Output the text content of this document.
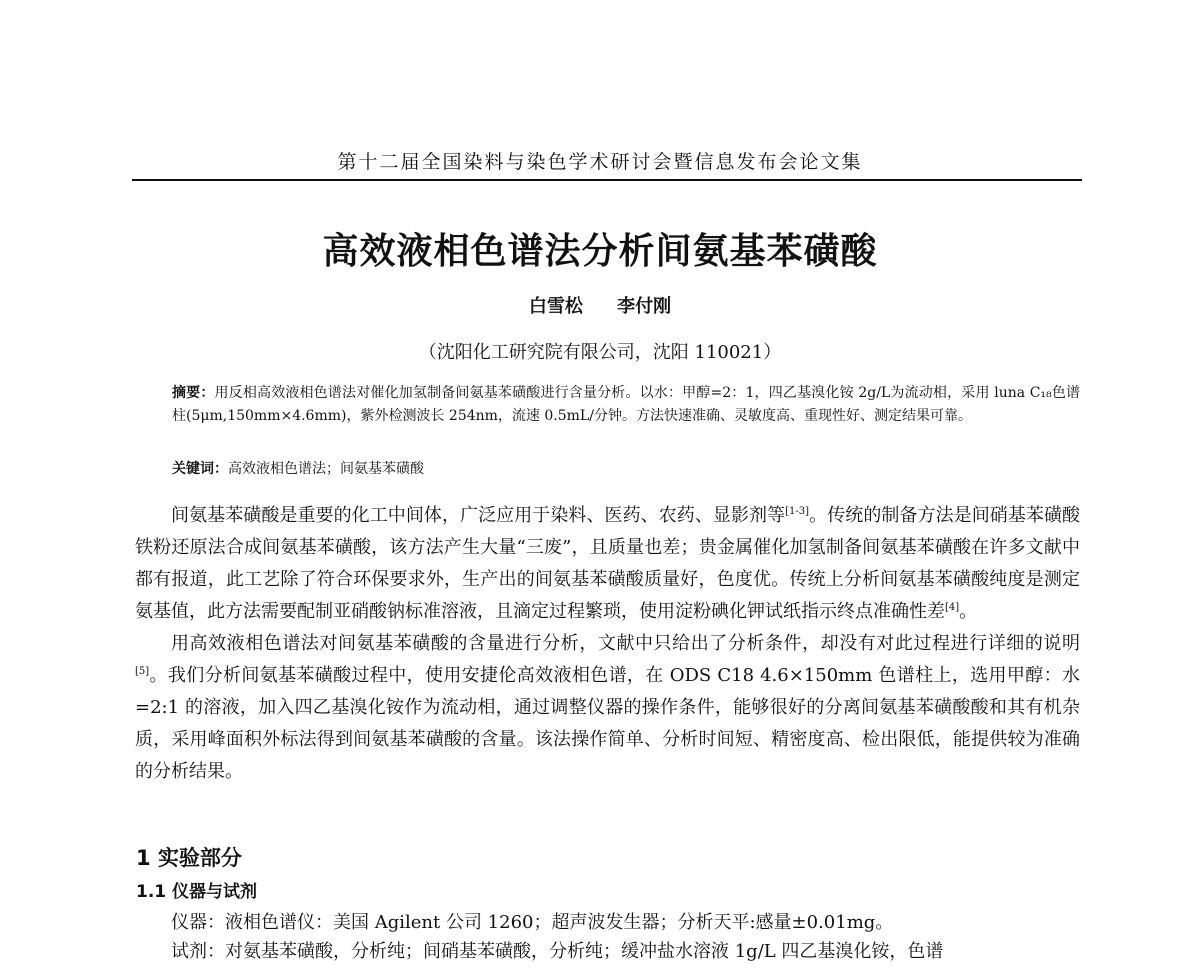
第十二届全国染料与染色学术研讨会暨信息发布会论文集
高效液相色谱法分析间氨基苯磺酸
白雪松 李付刚
（沈阳化工研究院有限公司，沈阳 110021）
摘要：用反相高效液相色谱法对催化加氢制备间氨基苯磺酸进行含量分析。以水：甲醇=2：1，四乙基溴化铵 2g/L为流动相，采用 luna C₁₈色谱柱(5μm,150mm×4.6mm)，紫外检测波长 254nm，流速 0.5mL/分钟。方法快速准确、灵敏度高、重现性好、测定结果可靠。
关键词：高效液相色谱法；间氨基苯磺酸

间氨基苯磺酸是重要的化工中间体，广泛应用于染料、医药、农药、显影剂等[1-3]。传统的制备方法是间硝基苯磺酸铁粉还原法合成间氨基苯磺酸，该方法产生大量“三废”，且质量也差；贵金属催化加氢制备间氨基苯磺酸在许多文献中都有报道，此工艺除了符合环保要求外，生产出的间氨基苯磺酸质量好，色度优。传统上分析间氨基苯磺酸纯度是测定氨基值，此方法需要配制亚硝酸钠标准溶液，且滴定过程繁琐，使用淀粉碘化钾试纸指示终点准确性差[4]。

用高效液相色谱法对间氨基苯磺酸的含量进行分析，文献中只给出了分析条件，却没有对此过程进行详细的说明[5]。我们分析间氨基苯磺酸过程中，使用安捷伦高效液相色谱，在 ODS C18 4.6×150mm 色谱柱上，选用甲醇：水=2:1 的溶液，加入四乙基溴化铵作为流动相，通过调整仪器的操作条件，能够很好的分离间氨基苯磺酸酸和其有机杂质，采用峰面积外标法得到间氨基苯磺酸的含量。该法操作简单、分析时间短、精密度高、检出限低，能提供较为准确的分析结果。

1 实验部分
1.1 仪器与试剂
仪器：液相色谱仪：美国 Agilent 公司 1260；超声波发生器；分析天平:感量±0.01mg。
试剂：对氨基苯磺酸，分析纯；间硝基苯磺酸，分析纯；缓冲盐水溶液 1g/L 四乙基溴化铵，色谱
